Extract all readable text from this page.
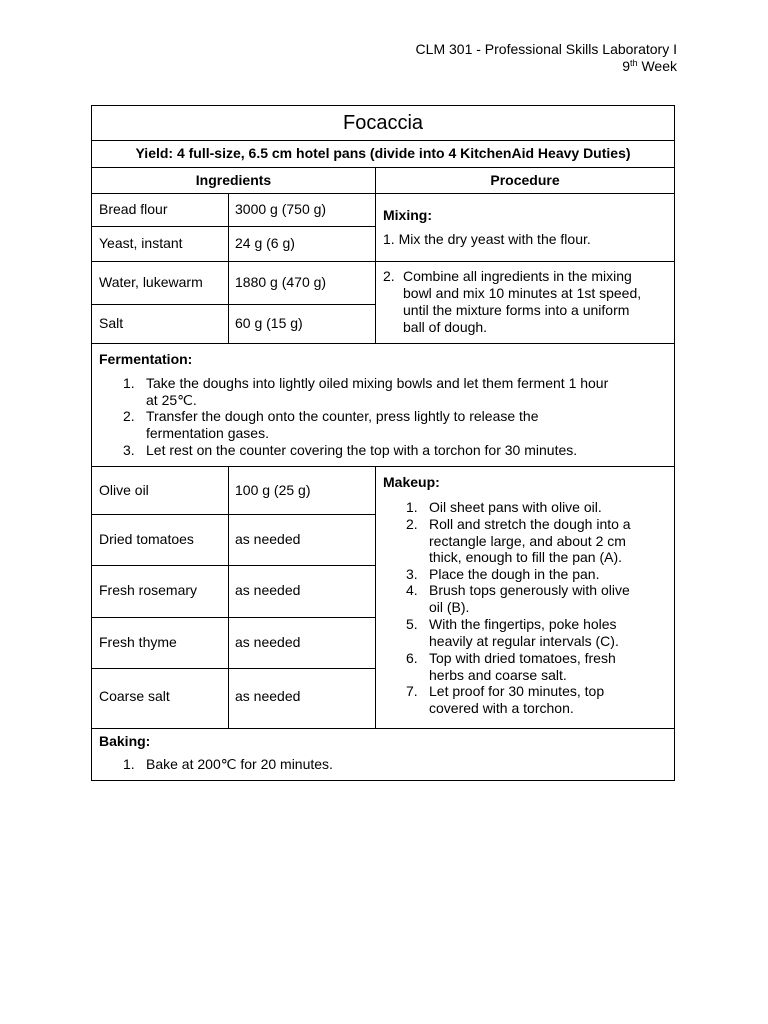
CLM 301 - Professional Skills Laboratory I
9th Week
Focaccia
Yield: 4 full-size, 6.5 cm hotel pans (divide into 4 KitchenAid Heavy Duties)
Ingredients	Procedure
Bread flour	3000 g (750 g)
Yeast, instant	24 g (6 g)
Water, lukewarm 1880 g (470 g)
Salt	60 g (15 g)
Mixing:
1. Mix the dry yeast with the flour.
2. Combine all ingredients in the mixing
bowl and mix 10 minutes at 1st speed,
until the mixture forms into a uniform
ball of dough.
Fermentation:
1. Take the doughs into lightly oiled mixing bowls and let them ferment 1 hour
at 25℃.
2. Transfer the dough onto the counter, press lightly to release the
fermentation gases.
3. Let rest on the counter covering the top with a torchon for 30 minutes.
Olive oil	100 g (25 g)
Dried tomatoes	as needed
Fresh rosemary	as needed
Fresh thyme	as needed
Coarse salt	as needed
Makeup:
1. Oil sheet pans with olive oil.
2. Roll and stretch the dough into a
rectangle large, and about 2 cm
thick, enough to fill the pan (A).
3. Place the dough in the pan.
4. Brush tops generously with olive
oil (B).
5. With the fingertips, poke holes
heavily at regular intervals (C).
6. Top with dried tomatoes, fresh
herbs and coarse salt.
7. Let proof for 30 minutes, top
covered with a torchon.
Baking:
1. Bake at 200℃ for 20 minutes.
